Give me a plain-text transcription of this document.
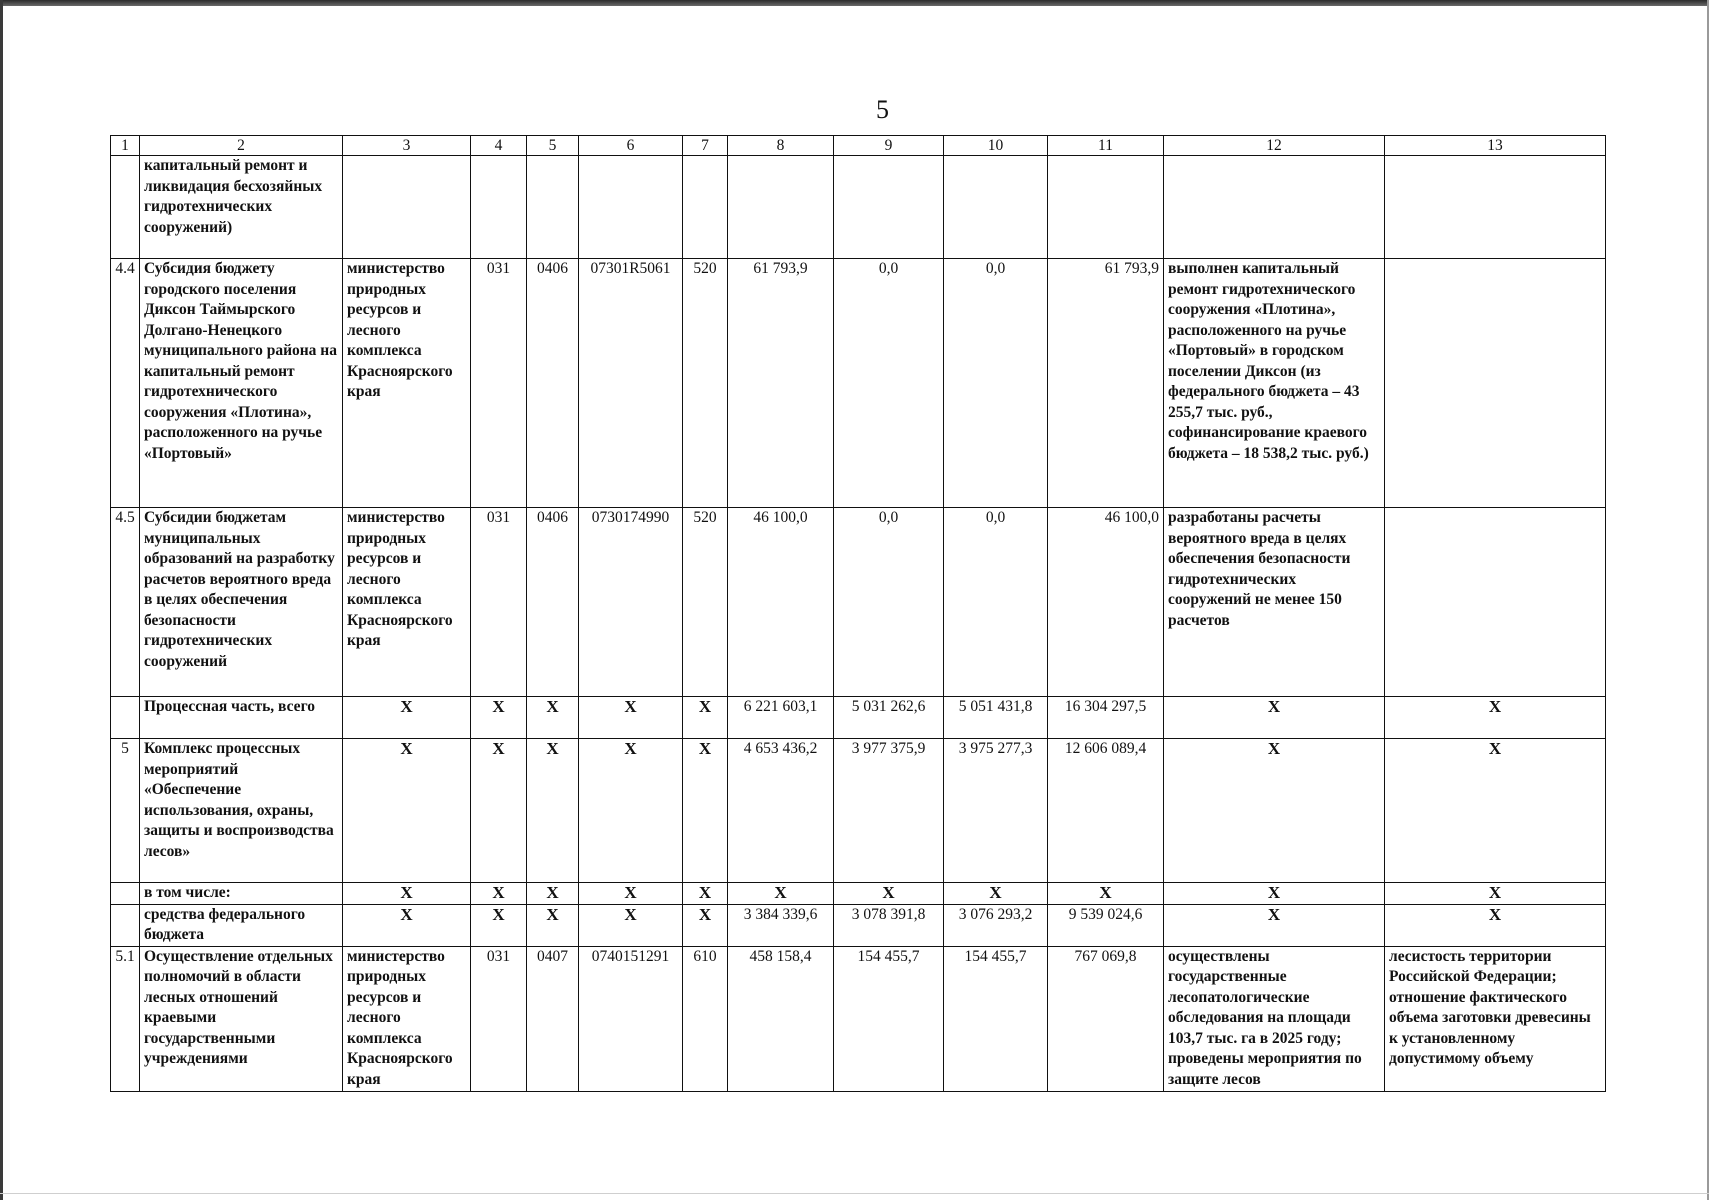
5
1	2	3	4	5	6	7	8	9	10	11	12	13
	капитальный ремонт и ликвидация бесхозяйных гидротехнических сооружений)											
4.4	Субсидия бюджету городского поселения Диксон Таймырского Долгано-Ненецкого муниципального района на капитальный ремонт гидротехнического сооружения «Плотина», расположенного на ручье «Портовый»	министерство природных ресурсов и лесного комплекса Красноярского края	031	0406	07301R5061	520	61 793,9	0,0	0,0	61 793,9	выполнен капитальный ремонт гидротехнического сооружения «Плотина», расположенного на ручье «Портовый» в городском поселении Диксон (из федерального бюджета – 43 255,7 тыс. руб., софинансирование краевого бюджета – 18 538,2 тыс. руб.)	
4.5	Субсидии бюджетам муниципальных образований на разработку расчетов вероятного вреда в целях обеспечения безопасности гидротехнических сооружений	министерство природных ресурсов и лесного комплекса Красноярского края	031	0406	0730174990	520	46 100,0	0,0	0,0	46 100,0	разработаны расчеты вероятного вреда в целях обеспечения безопасности гидротехнических сооружений не менее 150 расчетов	
	Процессная часть, всего	X	X	X	X	X	6 221 603,1	5 031 262,6	5 051 431,8	16 304 297,5	X	X
5	Комплекс процессных мероприятий «Обеспечение использования, охраны, защиты и воспроизводства лесов»	X	X	X	X	X	4 653 436,2	3 977 375,9	3 975 277,3	12 606 089,4	X	X
	в том числе:	X	X	X	X	X	X	X	X	X	X	X
	средства федерального бюджета	X	X	X	X	X	3 384 339,6	3 078 391,8	3 076 293,2	9 539 024,6	X	X
5.1	Осуществление отдельных полномочий в области лесных отношений краевыми государственными учреждениями	министерство природных ресурсов и лесного комплекса Красноярского края	031	0407	0740151291	610	458 158,4	154 455,7	154 455,7	767 069,8	осуществлены государственные лесопатологические обследования на площади 103,7 тыс. га в 2025 году; проведены мероприятия по защите лесов	лесистость территории Российской Федерации; отношение фактического объема заготовки древесины к установленному допустимому объему
